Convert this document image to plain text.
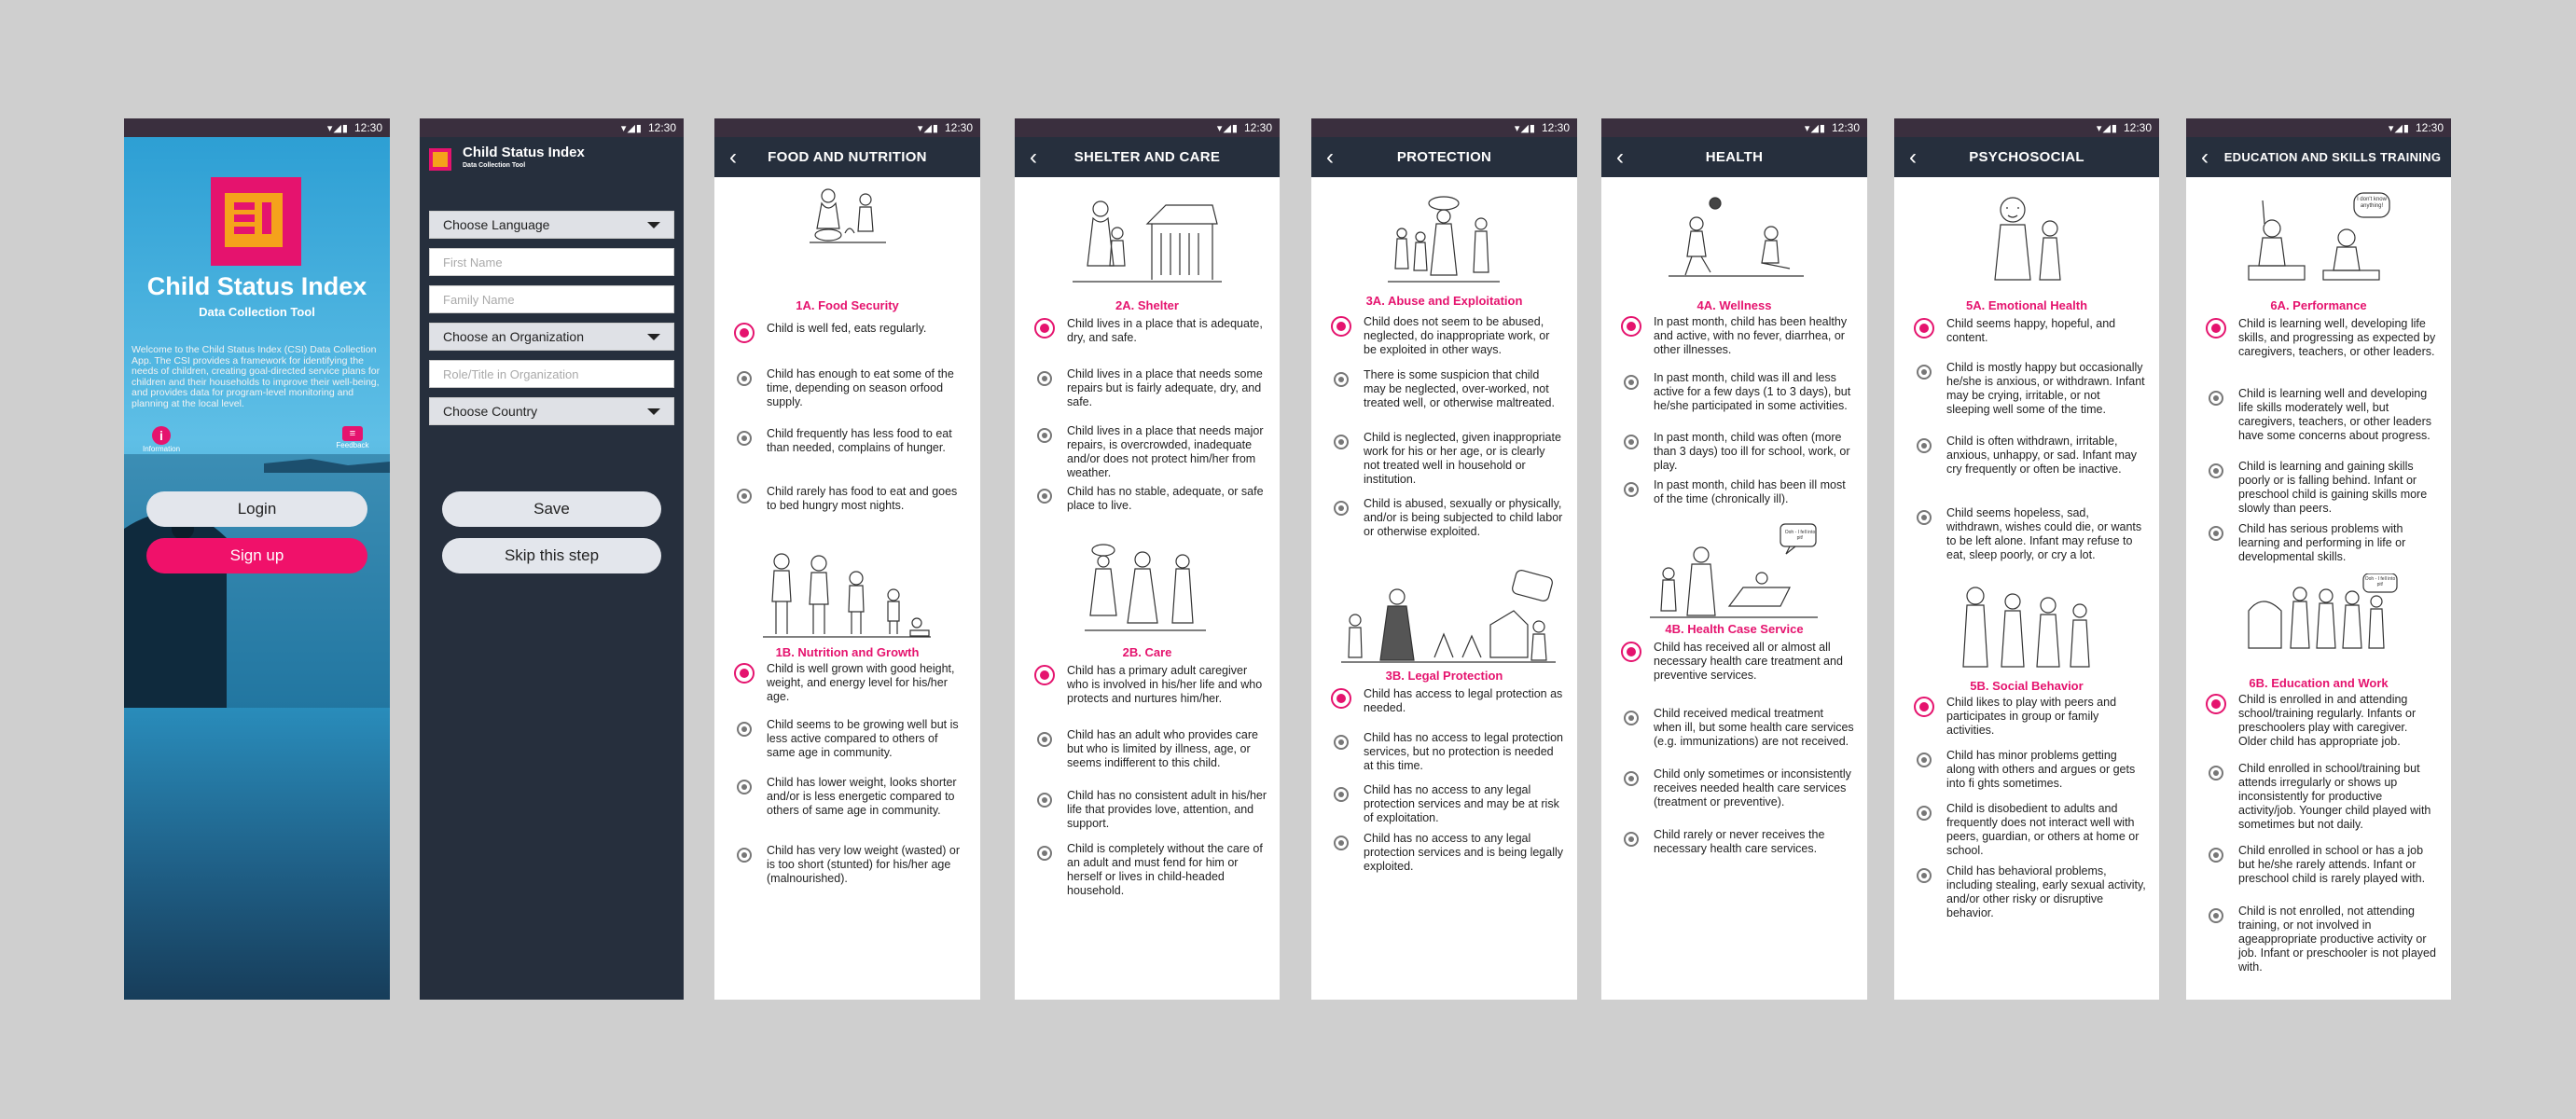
▾◢▮ 12:30
Child Status Index
Data Collection Tool
Welcome to the Child Status Index (CSI) Data Collection App. The CSI provides a framework for identifying the needs of children, creating goal-directed service plans for children and their households to improve their well-being, and provides data for program-level monitoring and planning at the local level.
i
Information
≡
Feedback
Login
Sign up
▾◢▮ 12:30
Child Status Index
Data Collection Tool
Choose Language
First Name
Family Name
Choose an Organization
Role/Title in Organization
Choose Country
Save
Skip this step
▾◢▮ 12:30
‹	FOOD AND NUTRITION
1A. Food Security
Child is well fed, eats regularly.
Child has enough to eat some of the time, depending on season orfood supply.
Child frequently has less food to eat than needed, complains of hunger.
Child rarely has food to eat and goes to bed hungry most nights.
1B. Nutrition and Growth
Child is well grown with good height, weight, and energy level for his/her age.
Child seems to be growing well but is less active compared to others of same age in community.
Child has lower weight, looks shorter and/or is less energetic compared to others of same age in community.
Child has very low weight (wasted) or is too short (stunted) for his/her age (malnourished).
▾◢▮ 12:30
‹	SHELTER AND CARE
2A. Shelter
Child lives in a place that is adequate, dry, and safe.
Child lives in a place that needs some repairs but is fairly adequate, dry, and safe.
Child lives in a place that needs major repairs, is overcrowded, inadequate and/or does not protect him/her from weather.
Child has no stable, adequate, or safe place to live.
2B. Care
Child has a primary adult caregiver who is involved in his/her life and who protects and nurtures him/her.
Child has an adult who provides care but who is limited by illness, age, or seems indifferent to this child.
Child has no consistent adult in his/her life that provides love, attention, and support.
Child is completely without the care of an adult and must fend for him or herself or lives in child-headed household.
▾◢▮ 12:30
‹	PROTECTION
3A. Abuse and Exploitation
Child does not seem to be abused, neglected, do inappropriate work, or be exploited in other ways.
There is some suspicion that child may be neglected, over-worked, not treated well, or otherwise maltreated.
Child is neglected, given inappropriate work for his or her age, or is clearly not treated well in household or institution.
Child is abused, sexually or physically, and/or is being subjected to child labor or otherwise exploited.
3B. Legal Protection
Child has access to legal protection as needed.
Child has no access to legal protection services, but no protection is needed at this time.
Child has no access to any legal protection services and may be at risk of exploitation.
Child has no access to any legal protection services and is being legally exploited.
▾◢▮ 12:30
‹	HEALTH
4A. Wellness
In past month, child has been healthy and active, with no fever, diarrhea, or other illnesses.
In past month, child was ill and less active for a few days (1 to 3 days), but he/she participated in some activities.
In past month, child was often (more than 3 days) too ill for school, work, or play.
In past month, child has been ill most of the time (chronically ill).
Ooh - I fell into pit!
4B. Health Case Service
Child has received all or almost all necessary health care treatment and preventive services.
Child received medical treatment when ill, but some health care services (e.g. immunizations) are not received.
Child only sometimes or inconsistently receives needed health care services (treatment or preventive).
Child rarely or never receives the necessary health care services.
▾◢▮ 12:30
‹	PSYCHOSOCIAL
5A. Emotional Health
Child seems happy, hopeful, and content.
Child is mostly happy but occasionally he/she is anxious, or withdrawn. Infant may be crying, irritable, or not sleeping well some of the time.
Child is often withdrawn, irritable, anxious, unhappy, or sad. Infant may cry frequently or often be inactive.
Child seems hopeless, sad, withdrawn, wishes could die, or wants to be left alone. Infant may refuse to eat, sleep poorly, or cry a lot.
5B. Social Behavior
Child likes to play with peers and participates in group or family activities.
Child has minor problems getting along with others and argues or gets into fi ghts sometimes.
Child is disobedient to adults and frequently does not interact well with peers, guardian, or others at home or school.
Child has behavioral problems, including stealing, early sexual activity, and/or other risky or disruptive behavior.
▾◢▮ 12:30
‹	EDUCATION AND SKILLS TRAINING
I don't know anything!
6A. Performance
Child is learning well, developing life skills, and progressing as expected by caregivers, teachers, or other leaders.
Child is learning well and developing life skills moderately well, but caregivers, teachers, or other leaders have some concerns about progress.
Child is learning and gaining skills poorly or is falling behind. Infant or preschool child is gaining skills more slowly than peers.
Child has serious problems with learning and performing in life or developmental skills.
Ooh - I fell into pit!
6B. Education and Work
Child is enrolled in and attending school/training regularly. Infants or preschoolers play with caregiver. Older child has appropriate job.
Child enrolled in school/training but attends irregularly or shows up inconsistently for productive activity/job. Younger child played with sometimes but not daily.
Child enrolled in school or has a job but he/she rarely attends. Infant or preschool child is rarely played with.
Child is not enrolled, not attending training, or not involved in ageappropriate productive activity or job. Infant or preschooler is not played with.
